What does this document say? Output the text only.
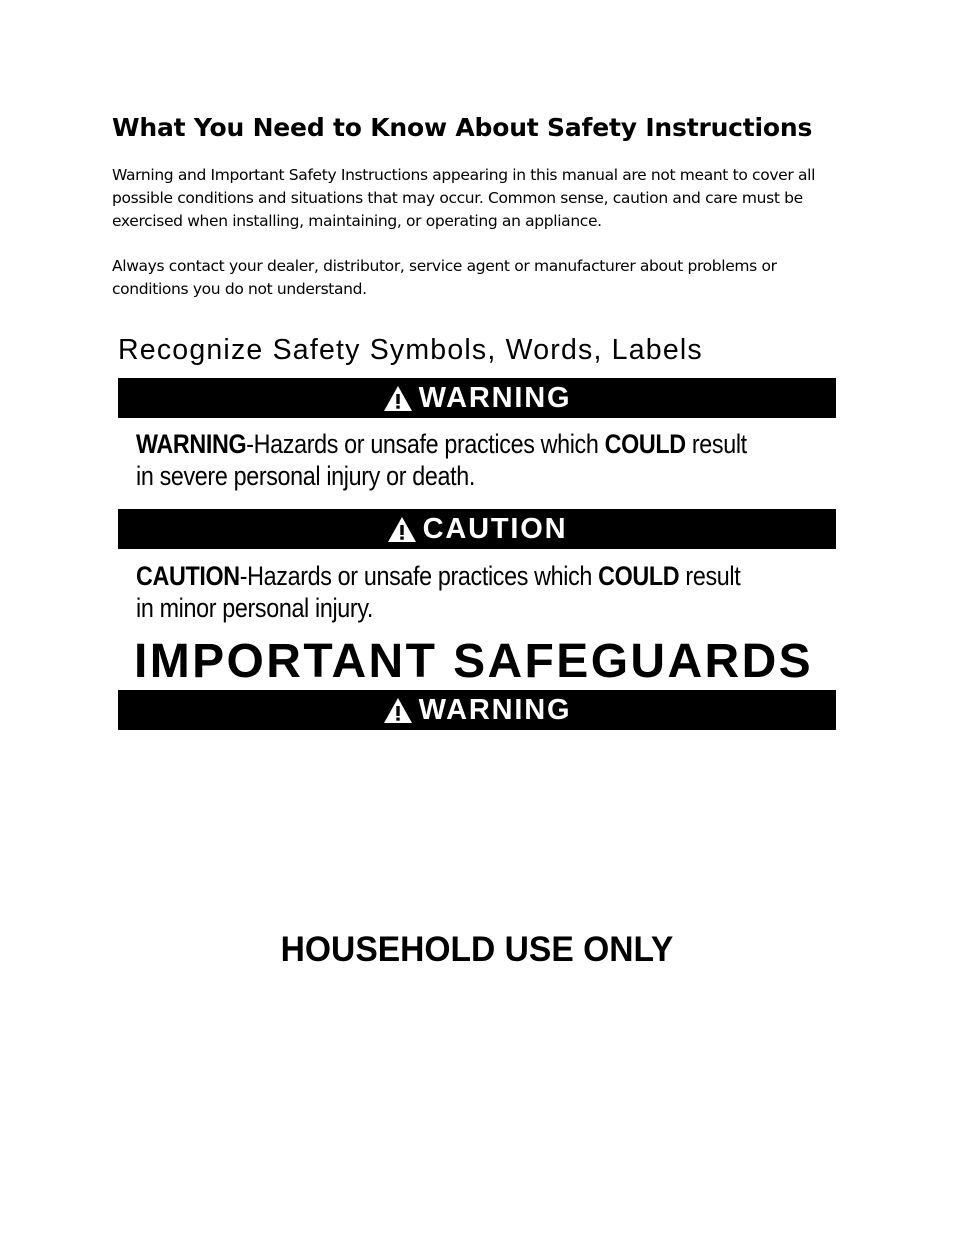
What You Need to Know About Safety Instructions

Warning and Important Safety Instructions appearing in this manual are not meant to cover all possible conditions and situations that may occur. Common sense, caution and care must be exercised when installing, maintaining, or operating an appliance.

Always contact your dealer, distributor, service agent or manufacturer about problems or conditions you do not understand.

Recognize Safety Symbols, Words, Labels
WARNING

WARNING-Hazards or unsafe practices which COULD result
in severe personal injury or death.

CAUTION

CAUTION-Hazards or unsafe practices which COULD result
in minor personal injury.

IMPORTANT SAFEGUARDS
WARNING
HOUSEHOLD USE ONLY
